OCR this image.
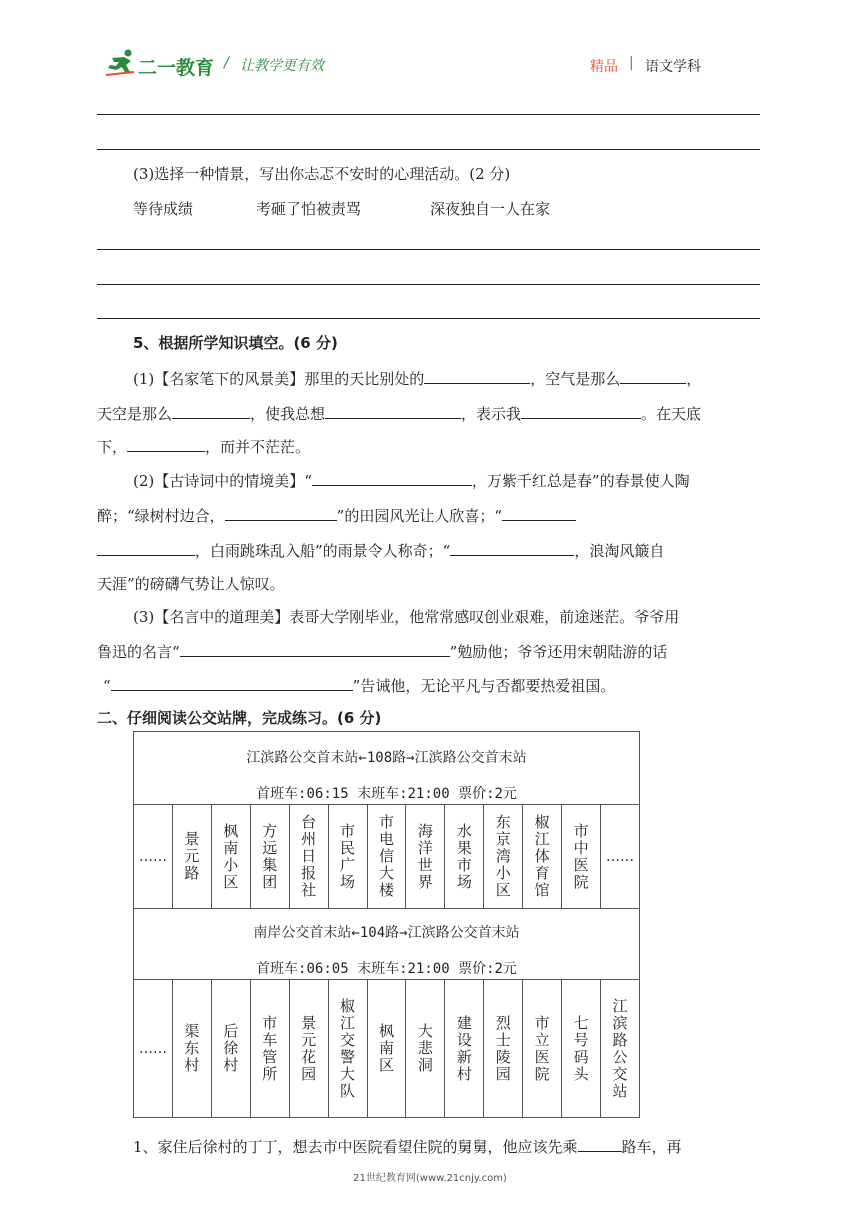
二一教育 / 让教学更有效	精品 | 语文学科
(3)选择一种情景，写出你忐忑不安时的心理活动。(2 分)
等待成绩	考砸了怕被责骂	深夜独自一人在家
5、根据所学知识填空。(6 分)
(1)【名家笔下的风景美】那里的天比别处的	，空气是那么	，
天空是那么	，使我总想	，表示我	。在天底
下，	，而并不茫茫。
(2)【古诗词中的情境美】“	，万紫千红总是春”的春景使人陶
醉；“绿树村边合，	”的田园风光让人欣喜；“
，白雨跳珠乱入船”的雨景令人称奇；“	，浪淘风簸自
天涯”的磅礴气势让人惊叹。
(3)【名言中的道理美】表哥大学刚毕业，他常常感叹创业艰难，前途迷茫。爷爷用
鲁迅的名言“	”勉励他；爷爷还用宋朝陆游的话
“	”告诫他，无论平凡与否都要热爱祖国。
二、仔细阅读公交站牌，完成练习。(6 分)
江滨路公交首末站←108路→江滨路公交首末站
首班车:06:15 末班车:21:00 票价:2元
……	景元路	枫南小区	方远集团	台州日报社	市民广场	市电信大楼	海洋世界	水果市场	东京湾小区	椒江体育馆	市中医院	……
南岸公交首末站←104路→江滨路公交首末站
首班车:06:05 末班车:21:00 票价:2元
……	渠东村	后徐村	市车管所	景元花园	椒江交警大队	枫南区	大悲洞	建设新村	烈士陵园	市立医院	七号码头	江滨路公交站
1、家住后徐村的丁丁，想去市中医院看望住院的舅舅，他应该先乘	路车，再
21世纪教育网(www.21cnjy.com)
